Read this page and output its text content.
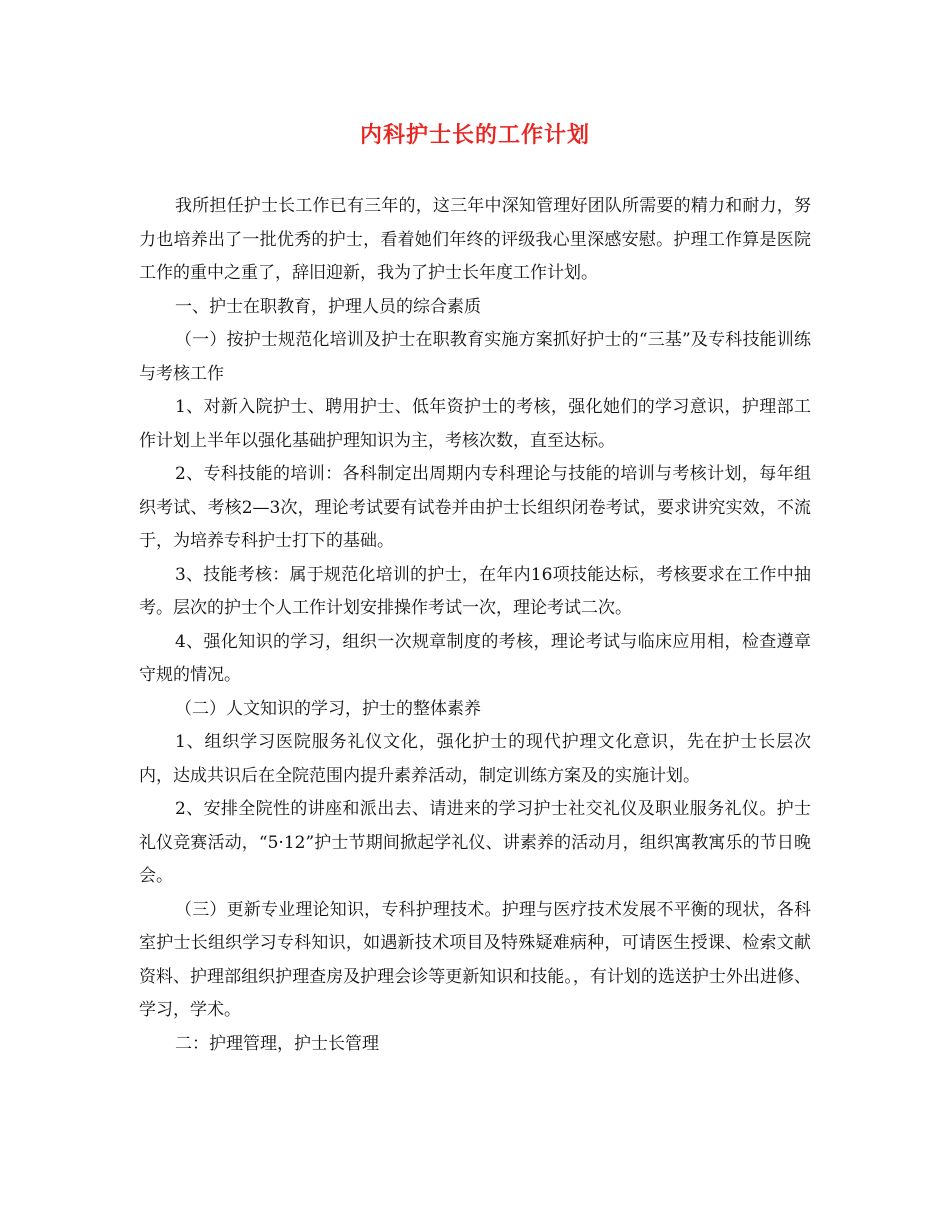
内科护士长的工作计划

我所担任护士长工作已有三年的，这三年中深知管理好团队所需要的精力和耐力，努力也培养出了一批优秀的护士，看着她们年终的评级我心里深感安慰。护理工作算是医院工作的重中之重了，辞旧迎新，我为了护士长年度工作计划。

一、护士在职教育，护理人员的综合素质

（一）按护士规范化培训及护士在职教育实施方案抓好护士的“三基”及专科技能训练与考核工作

1、对新入院护士、聘用护士、低年资护士的考核，强化她们的学习意识，护理部工作计划上半年以强化基础护理知识为主，考核次数，直至达标。

2、专科技能的培训：各科制定出周期内专科理论与技能的培训与考核计划，每年组织考试、考核2—3次，理论考试要有试卷并由护士长组织闭卷考试，要求讲究实效，不流于，为培养专科护士打下的基础。

3、技能考核：属于规范化培训的护士，在年内16项技能达标，考核要求在工作中抽考。层次的护士个人工作计划安排操作考试一次，理论考试二次。

4、强化知识的学习，组织一次规章制度的考核，理论考试与临床应用相，检查遵章守规的情况。

（二）人文知识的学习，护士的整体素养

1、组织学习医院服务礼仪文化，强化护士的现代护理文化意识，先在护士长层次内，达成共识后在全院范围内提升素养活动，制定训练方案及的实施计划。

2、安排全院性的讲座和派出去、请进来的学习护士社交礼仪及职业服务礼仪。护士礼仪竞赛活动，“5·12”护士节期间掀起学礼仪、讲素养的活动月，组织寓教寓乐的节日晚会。

（三）更新专业理论知识，专科护理技术。护理与医疗技术发展不平衡的现状，各科室护士长组织学习专科知识，如遇新技术项目及特殊疑难病种，可请医生授课、检索文献资料、护理部组织护理查房及护理会诊等更新知识和技能。，有计划的选送护士外出进修、学习，学术。

二：护理管理，护士长管理
